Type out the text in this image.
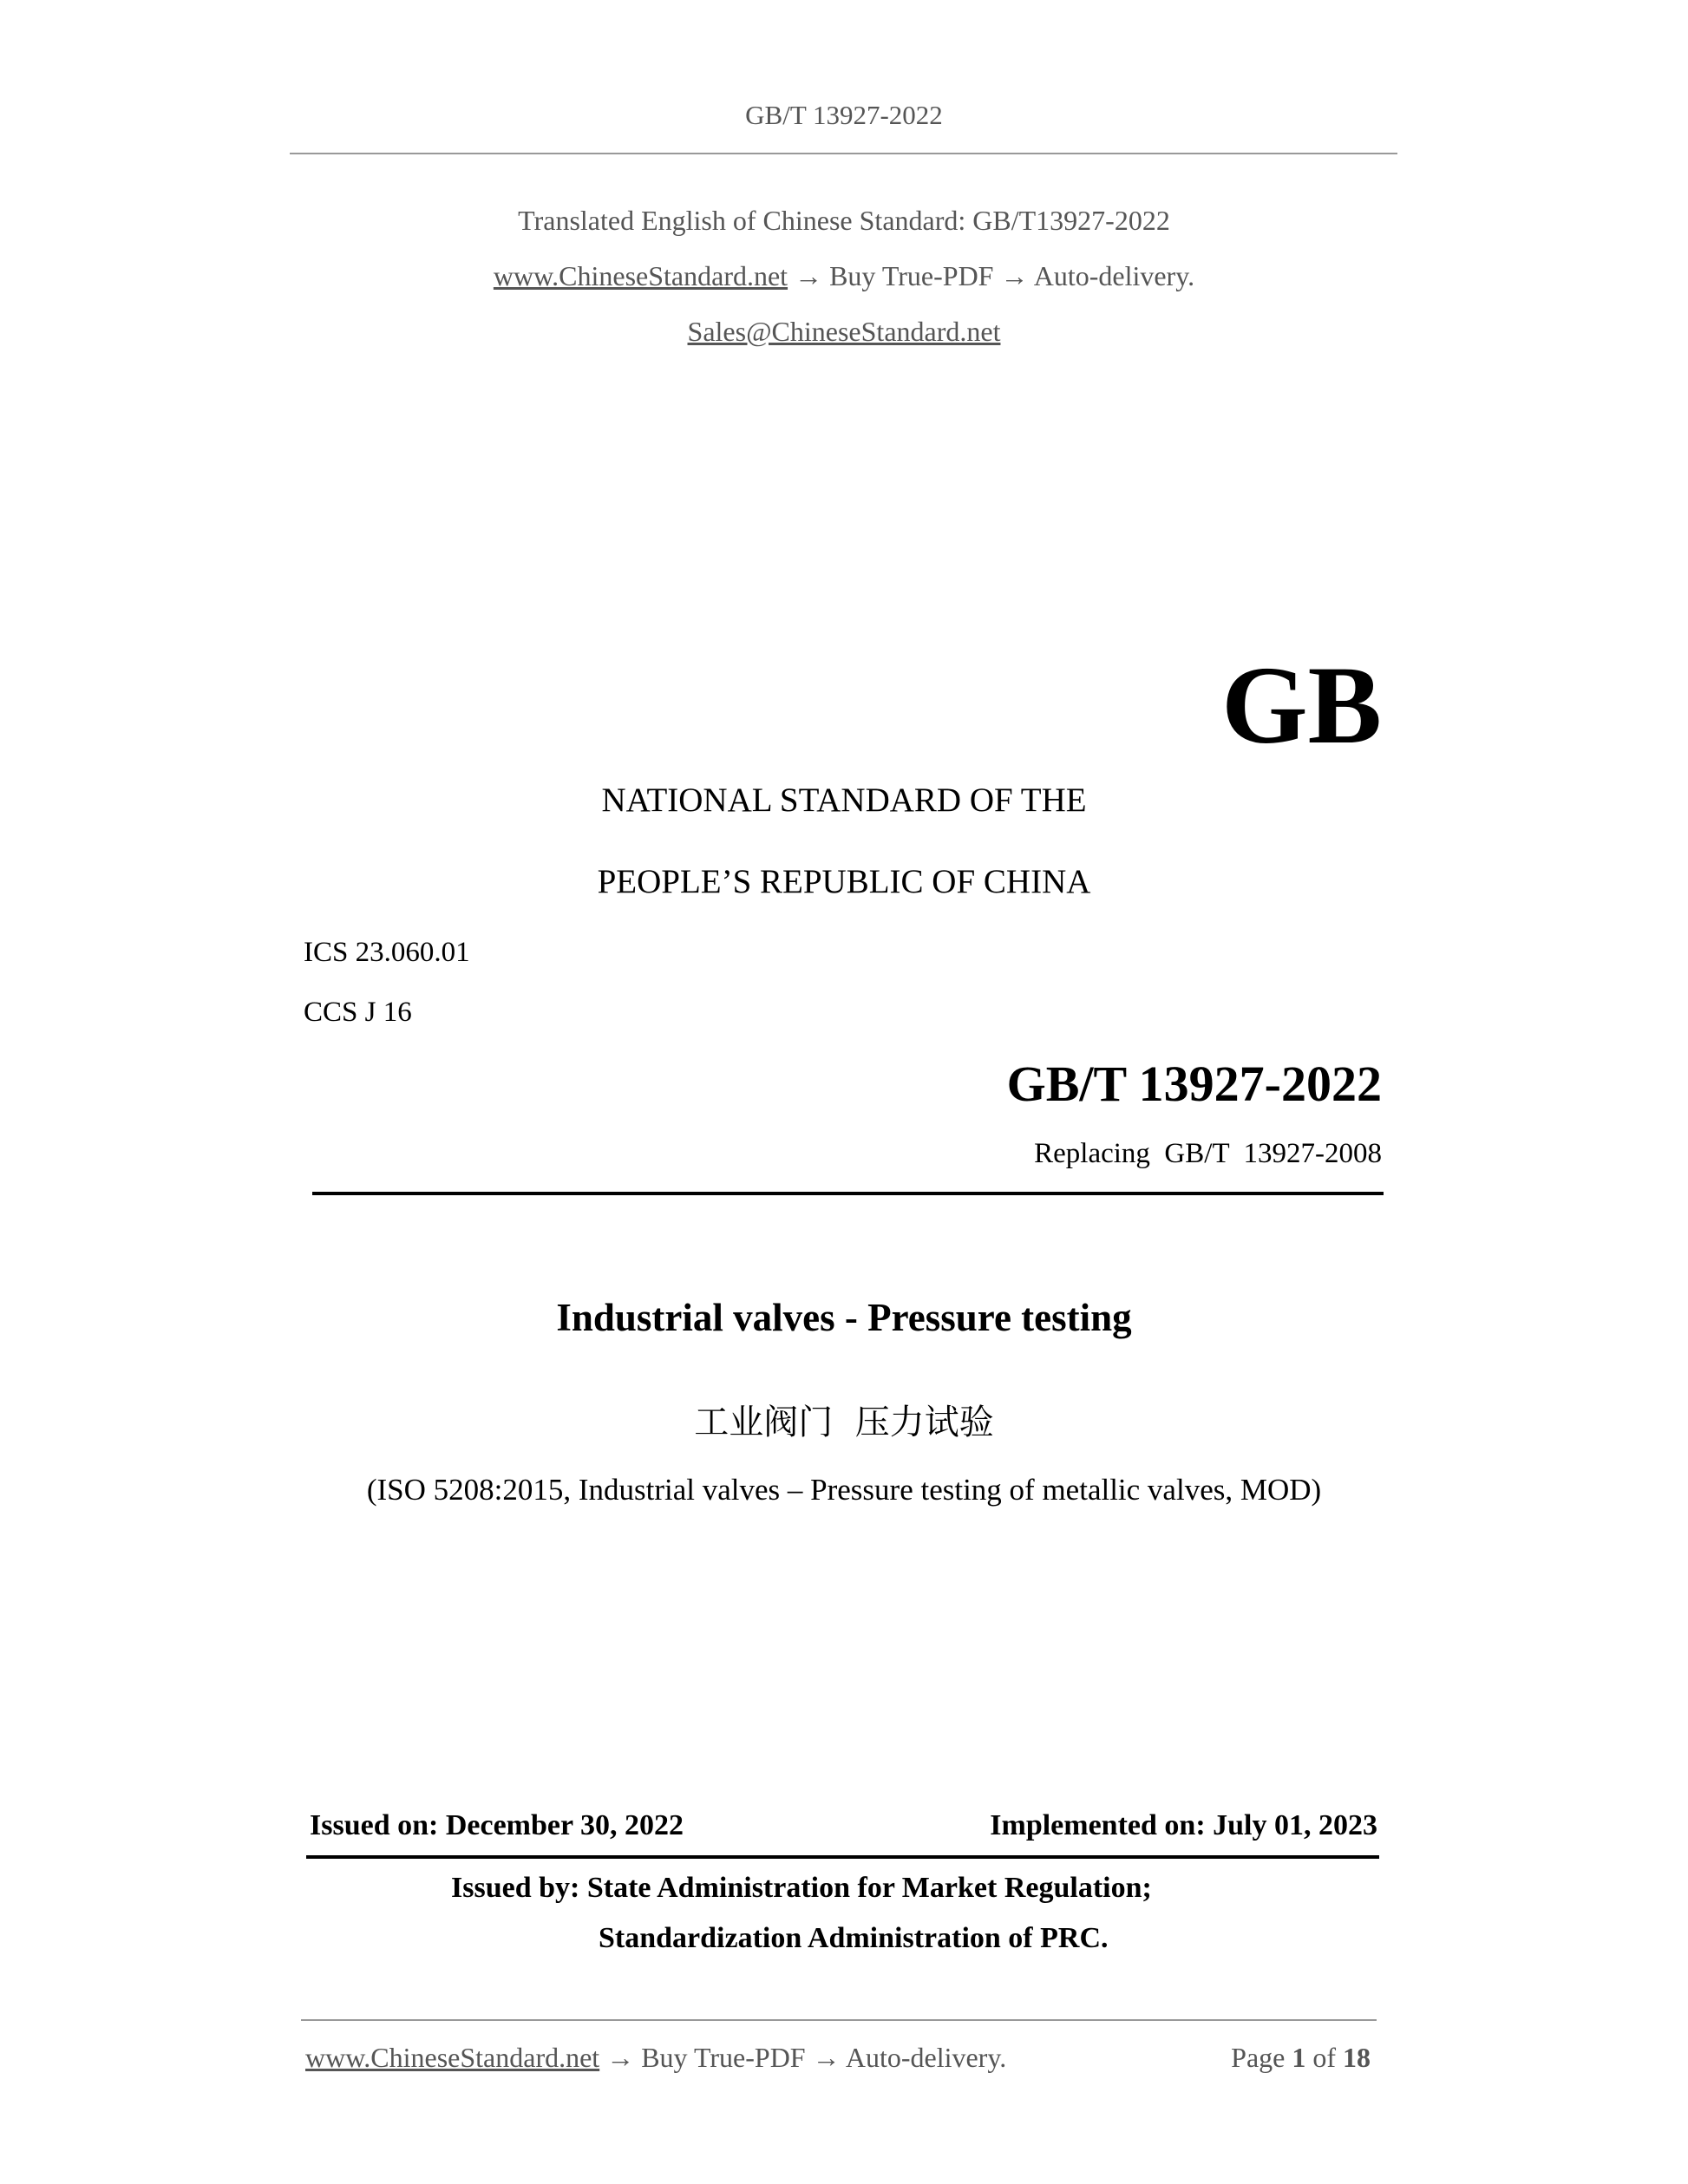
GB/T 13927-2022
Translated English of Chinese Standard: GB/T13927-2022
www.ChineseStandard.net → Buy True-PDF → Auto-delivery.
Sales@ChineseStandard.net
GB
NATIONAL STANDARD OF THE
PEOPLE’S REPUBLIC OF CHINA
ICS 23.060.01
CCS J 16
GB/T 13927-2022
Replacing  GB/T  13927-2008
Industrial valves - Pressure testing
工业阀门  压力试验
(ISO 5208:2015, Industrial valves – Pressure testing of metallic valves, MOD)
Issued on: December 30, 2022	Implemented on: July 01, 2023
Issued by: State Administration for Market Regulation;
Standardization Administration of PRC.
www.ChineseStandard.net → Buy True-PDF → Auto-delivery.	Page 1 of 18
